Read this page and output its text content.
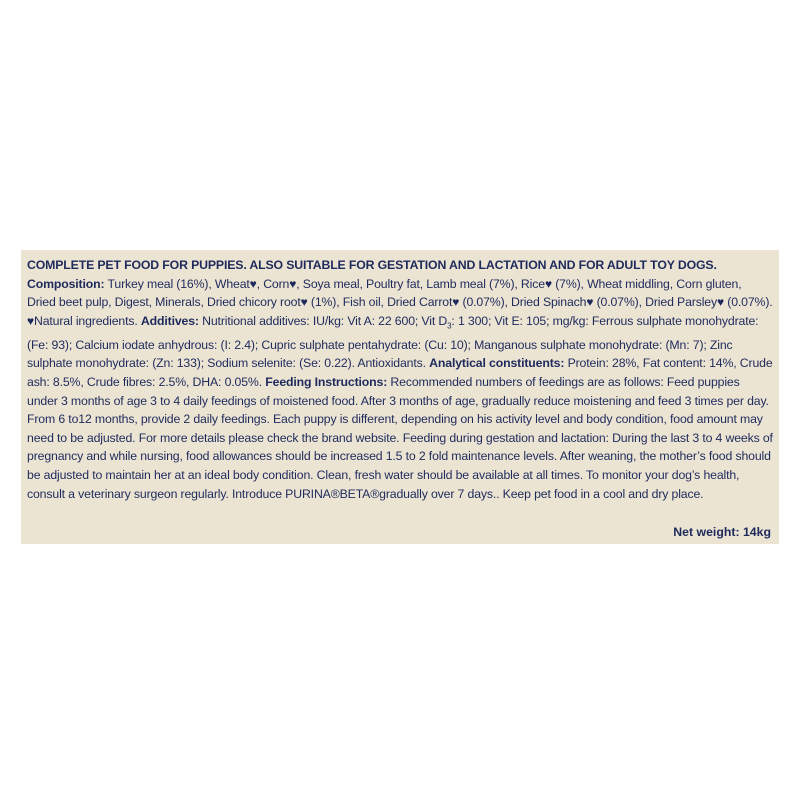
COMPLETE PET FOOD FOR PUPPIES. ALSO SUITABLE FOR GESTATION AND LACTATION AND FOR ADULT TOY DOGS. Composition: Turkey meal (16%), Wheat♥, Corn♥, Soya meal, Poultry fat, Lamb meal (7%), Rice♥ (7%), Wheat middling, Corn gluten, Dried beet pulp, Digest, Minerals, Dried chicory root♥ (1%), Fish oil, Dried Carrot♥ (0.07%), Dried Spinach♥ (0.07%), Dried Parsley♥ (0.07%). ♥Natural ingredients. Additives: Nutritional additives: IU/kg: Vit A: 22 600; Vit $D_3$: 1 300; Vit E: 105; mg/kg: Ferrous sulphate monohydrate: (Fe: 93); Calcium iodate anhydrous: (I: 2.4); Cupric sulphate pentahydrate: (Cu: 10); Manganous sulphate monohydrate: (Mn: 7); Zinc sulphate monohydrate: (Zn: 133); Sodium selenite: (Se: 0.22). Antioxidants. Analytical constituents: Protein: 28%, Fat content: 14%, Crude ash: 8.5%, Crude fibres: 2.5%, DHA: 0.05%. Feeding Instructions: Recommended numbers of feedings are as follows: Feed puppies under 3 months of age 3 to 4 daily feedings of moistened food. After 3 months of age, gradually reduce moistening and feed 3 times per day. From 6 to12 months, provide 2 daily feedings. Each puppy is different, depending on his activity level and body condition, food amount may need to be adjusted. For more details please check the brand website. Feeding during gestation and lactation: During the last 3 to 4 weeks of pregnancy and while nursing, food allowances should be increased 1.5 to 2 fold maintenance levels. After weaning, the mother’s food should be adjusted to maintain her at an ideal body condition. Clean, fresh water should be available at all times. To monitor your dog’s health, consult a veterinary surgeon regularly. Introduce PURINA®BETA®gradually over 7 days.. Keep pet food in a cool and dry place.

Net weight: 14kg
